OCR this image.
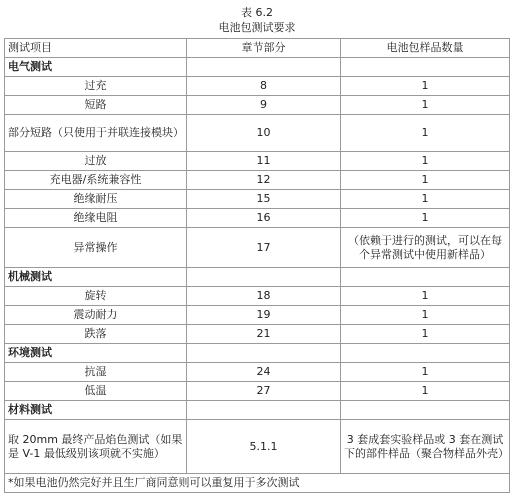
表 6.2
电池包测试要求
测试项目	章节部分	电池包样品数量
电气测试		
过充	8	1
短路	9	1
部分短路（只使用于并联连接模块）	10	1
过放	11	1
充电器/系统兼容性	12	1
绝缘耐压	15	1
绝缘电阻	16	1
异常操作	17	（依赖于进行的测试，可以在每个异常测试中使用新样品）
机械测试		
旋转	18	1
震动耐力	19	1
跌落	21	1
环境测试		
抗湿	24	1
低温	27	1
材料测试		
取 20mm 最终产品焰色测试（如果是 V-1 最低级别该项就不实施）	5.1.1	3 套成套实验样品或 3 套在测试下的部件样品（聚合物样品外壳）
*如果电池仍然完好并且生厂商同意则可以重复用于多次测试		
